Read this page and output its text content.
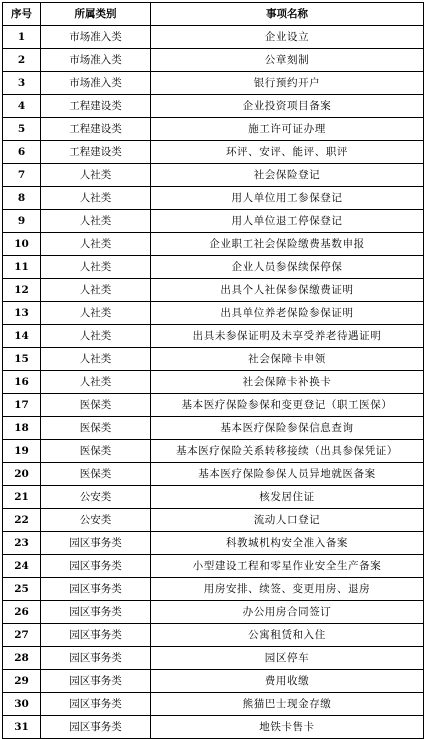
序号	所属类别	事项名称
1	市场准入类	企业设立
2	市场准入类	公章刻制
3	市场准入类	银行预约开户
4	工程建设类	企业投资项目备案
5	工程建设类	施工许可证办理
6	工程建设类	环评、安评、能评、职评
7	人社类	社会保险登记
8	人社类	用人单位用工参保登记
9	人社类	用人单位退工停保登记
10	人社类	企业职工社会保险缴费基数申报
11	人社类	企业人员参保续保停保
12	人社类	出具个人社保参保缴费证明
13	人社类	出具单位养老保险参保证明
14	人社类	出具未参保证明及未享受养老待遇证明
15	人社类	社会保障卡申领
16	人社类	社会保障卡补换卡
17	医保类	基本医疗保险参保和变更登记（职工医保）
18	医保类	基本医疗保险参保信息查询
19	医保类	基本医疗保险关系转移接续（出具参保凭证）
20	医保类	基本医疗保险参保人员异地就医备案
21	公安类	核发居住证
22	公安类	流动人口登记
23	园区事务类	科教城机构安全准入备案
24	园区事务类	小型建设工程和零星作业安全生产备案
25	园区事务类	用房安排、续签、变更用房、退房
26	园区事务类	办公用房合同签订
27	园区事务类	公寓租赁和入住
28	园区事务类	园区停车
29	园区事务类	费用收缴
30	园区事务类	熊猫巴士现金存缴
31	园区事务类	地铁卡售卡
